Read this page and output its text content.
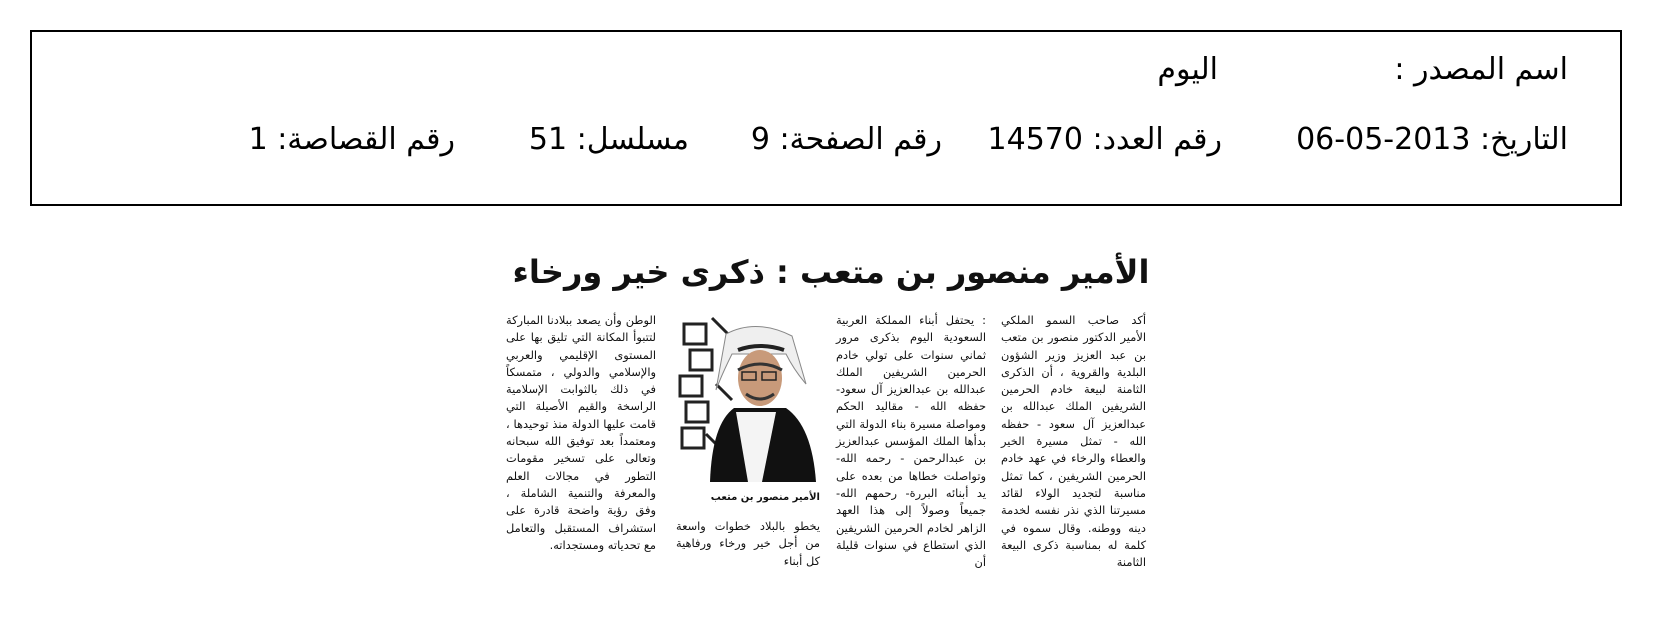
اسم المصدر :
اليوم
التاريخ: 2013-05-06
رقم العدد: 14570
رقم الصفحة: 9
مسلسل: 51
رقم القصاصة: 1
الأمير منصور بن متعب : ذكرى خير ورخاء
أكد صاحب السمو الملكي الأمير الدكتور منصور بن متعب بن عبد العزيز وزير الشؤون البلدية والقروية ، أن الذكرى الثامنة لبيعة خادم الحرمين الشريفين الملك عبدالله بن عبدالعزيز آل سعود - حفظه الله - تمثل مسيرة الخير والعطاء والرخاء في عهد خادم الحرمين الشريفين ، كما تمثل مناسبة لتجديد الولاء لقائد مسيرتنا الذي نذر نفسه لخدمة دينه ووطنه. وقال سموه في كلمة له بمناسبة ذكرى البيعة الثامنة
: يحتفل أبناء المملكة العربية السعودية اليوم بذكرى مرور ثماني سنوات على تولي خادم الحرمين الشريفين الملك عبدالله بن عبدالعزيز آل سعود- حفظه الله - مقاليد الحكم ومواصلة مسيرة بناء الدولة التي بدأها الملك المؤسس عبدالعزيز بن عبدالرحمن - رحمه الله- وتواصلت خطاها من بعده على يد أبنائه البررة- رحمهم الله- جميعاً وصولاً إلى هذا العهد الزاهر لخادم الحرمين الشريفين الذي استطاع في سنوات قليلة أن
الأمير منصور بن متعب
يخطو بالبلاد خطوات واسعة من أجل خير ورخاء ورفاهية كل أبناء
الوطن وأن يصعد ببلادنا المباركة لتتبوأ المكانة التي تليق بها على المستوى الإقليمي والعربي والإسلامي والدولي ، متمسكاً في ذلك بالثوابت الإسلامية الراسخة والقيم الأصيلة التي قامت عليها الدولة منذ توحيدها ، ومعتمداً بعد توفيق الله سبحانه وتعالى على تسخير مقومات التطور في مجالات العلم والمعرفة والتنمية الشاملة ، وفق رؤية واضحة قادرة على استشراف المستقبل والتعامل مع تحدياته ومستجداته.
